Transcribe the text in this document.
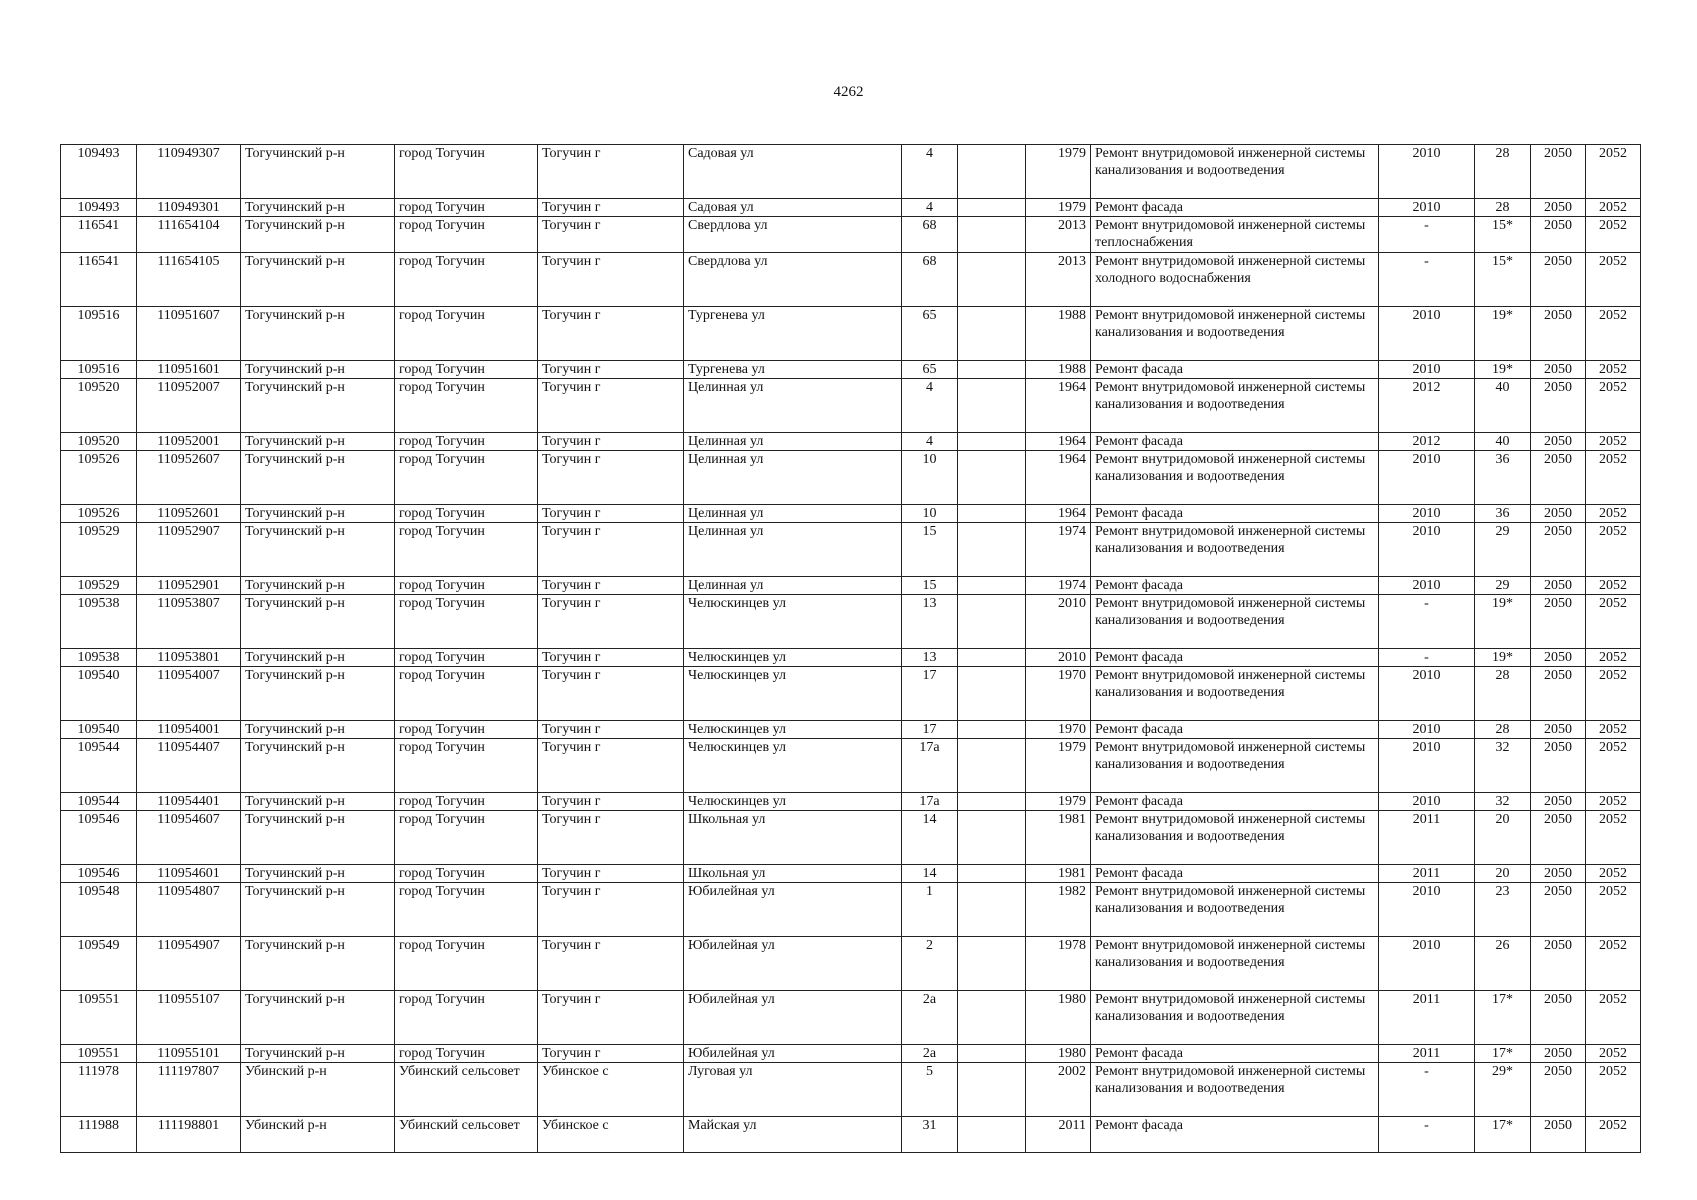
4262
109493	110949307	Тогучинский р-н	город Тогучин	Тогучин г	Садовая ул	4		1979	Ремонт внутридомовой инженерной системы канализования и водоотведения	2010	28	2050	2052
109493	110949301	Тогучинский р-н	город Тогучин	Тогучин г	Садовая ул	4		1979	Ремонт фасада	2010	28	2050	2052
116541	111654104	Тогучинский р-н	город Тогучин	Тогучин г	Свердлова ул	68		2013	Ремонт внутридомовой инженерной системы теплоснабжения	-	15*	2050	2052
116541	111654105	Тогучинский р-н	город Тогучин	Тогучин г	Свердлова ул	68		2013	Ремонт внутридомовой инженерной системы холодного водоснабжения	-	15*	2050	2052
109516	110951607	Тогучинский р-н	город Тогучин	Тогучин г	Тургенева ул	65		1988	Ремонт внутридомовой инженерной системы канализования и водоотведения	2010	19*	2050	2052
109516	110951601	Тогучинский р-н	город Тогучин	Тогучин г	Тургенева ул	65		1988	Ремонт фасада	2010	19*	2050	2052
109520	110952007	Тогучинский р-н	город Тогучин	Тогучин г	Целинная ул	4		1964	Ремонт внутридомовой инженерной системы канализования и водоотведения	2012	40	2050	2052
109520	110952001	Тогучинский р-н	город Тогучин	Тогучин г	Целинная ул	4		1964	Ремонт фасада	2012	40	2050	2052
109526	110952607	Тогучинский р-н	город Тогучин	Тогучин г	Целинная ул	10		1964	Ремонт внутридомовой инженерной системы канализования и водоотведения	2010	36	2050	2052
109526	110952601	Тогучинский р-н	город Тогучин	Тогучин г	Целинная ул	10		1964	Ремонт фасада	2010	36	2050	2052
109529	110952907	Тогучинский р-н	город Тогучин	Тогучин г	Целинная ул	15		1974	Ремонт внутридомовой инженерной системы канализования и водоотведения	2010	29	2050	2052
109529	110952901	Тогучинский р-н	город Тогучин	Тогучин г	Целинная ул	15		1974	Ремонт фасада	2010	29	2050	2052
109538	110953807	Тогучинский р-н	город Тогучин	Тогучин г	Челюскинцев ул	13		2010	Ремонт внутридомовой инженерной системы канализования и водоотведения	-	19*	2050	2052
109538	110953801	Тогучинский р-н	город Тогучин	Тогучин г	Челюскинцев ул	13		2010	Ремонт фасада	-	19*	2050	2052
109540	110954007	Тогучинский р-н	город Тогучин	Тогучин г	Челюскинцев ул	17		1970	Ремонт внутридомовой инженерной системы канализования и водоотведения	2010	28	2050	2052
109540	110954001	Тогучинский р-н	город Тогучин	Тогучин г	Челюскинцев ул	17		1970	Ремонт фасада	2010	28	2050	2052
109544	110954407	Тогучинский р-н	город Тогучин	Тогучин г	Челюскинцев ул	17а		1979	Ремонт внутридомовой инженерной системы канализования и водоотведения	2010	32	2050	2052
109544	110954401	Тогучинский р-н	город Тогучин	Тогучин г	Челюскинцев ул	17а		1979	Ремонт фасада	2010	32	2050	2052
109546	110954607	Тогучинский р-н	город Тогучин	Тогучин г	Школьная ул	14		1981	Ремонт внутридомовой инженерной системы канализования и водоотведения	2011	20	2050	2052
109546	110954601	Тогучинский р-н	город Тогучин	Тогучин г	Школьная ул	14		1981	Ремонт фасада	2011	20	2050	2052
109548	110954807	Тогучинский р-н	город Тогучин	Тогучин г	Юбилейная ул	1		1982	Ремонт внутридомовой инженерной системы канализования и водоотведения	2010	23	2050	2052
109549	110954907	Тогучинский р-н	город Тогучин	Тогучин г	Юбилейная ул	2		1978	Ремонт внутридомовой инженерной системы канализования и водоотведения	2010	26	2050	2052
109551	110955107	Тогучинский р-н	город Тогучин	Тогучин г	Юбилейная ул	2а		1980	Ремонт внутридомовой инженерной системы канализования и водоотведения	2011	17*	2050	2052
109551	110955101	Тогучинский р-н	город Тогучин	Тогучин г	Юбилейная ул	2а		1980	Ремонт фасада	2011	17*	2050	2052
111978	111197807	Убинский р-н	Убинский сельсовет	Убинское с	Луговая ул	5		2002	Ремонт внутридомовой инженерной системы канализования и водоотведения	-	29*	2050	2052
111988	111198801	Убинский р-н	Убинский сельсовет	Убинское с	Майская ул	31		2011	Ремонт фасада	-	17*	2050	2052
